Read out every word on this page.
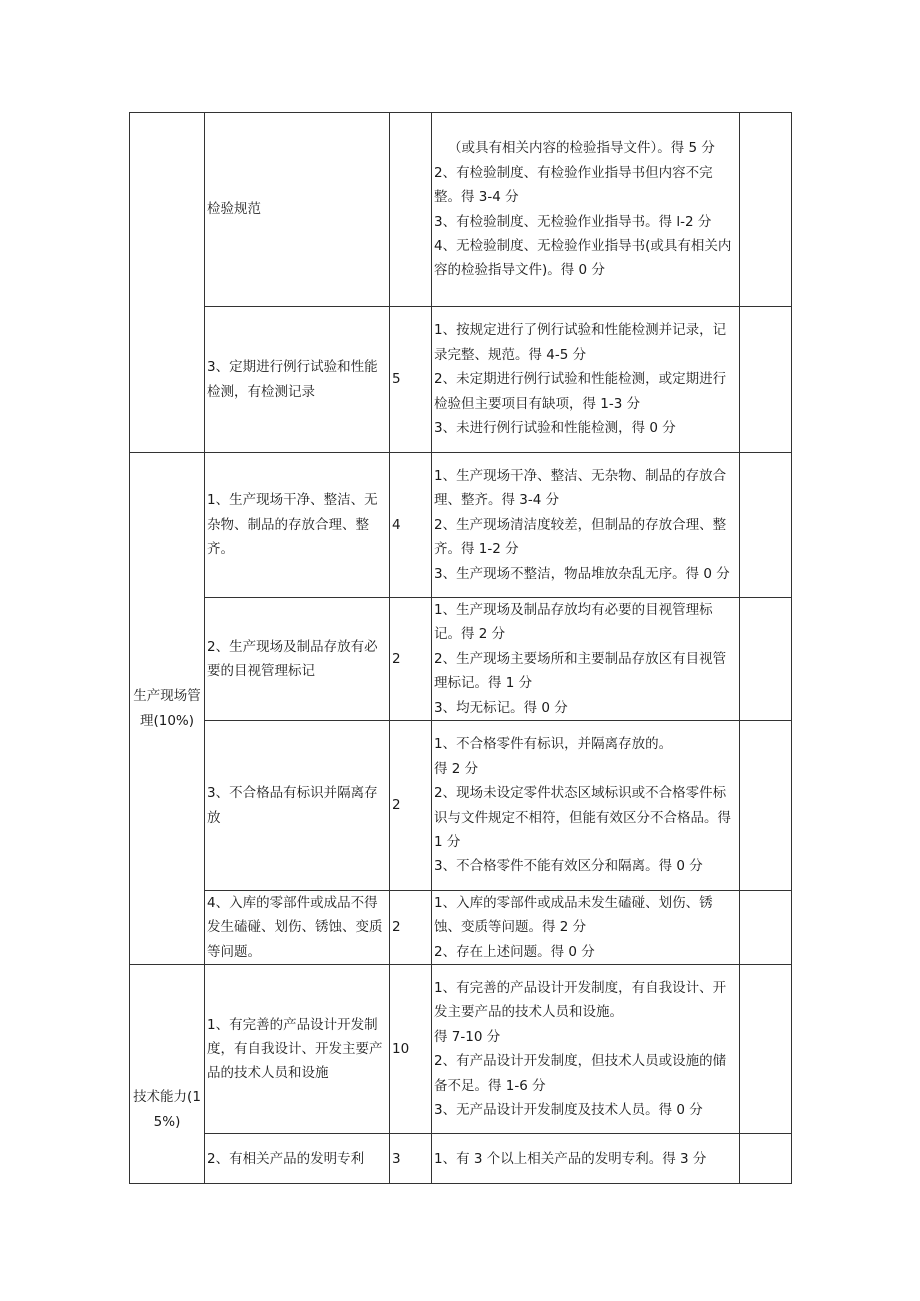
	检验规范		（或具有相关内容的检验指导文件）。得 5 分
2、有检验制度、有检验作业指导书但内容不完整。得 3-4 分
3、有检验制度、无检验作业指导书。得 l-2 分
4、无检验制度、无检验作业指导书(或具有相关内容的检验指导文件)。得 0 分	

	3、定期进行例行试验和性能检测，有检测记录	5	1、按规定进行了例行试验和性能检测并记录，记录完整、规范。得 4-5 分
2、未定期进行例行试验和性能检测，或定期进行检验但主要项目有缺项，得 1-3 分
3、未进行例行试验和性能检测，得 0 分	

生产现场管理(10%)	1、生产现场干净、整洁、无杂物、制品的存放合理、整齐。	4	1、生产现场干净、整洁、无杂物、制品的存放合理、整齐。得 3-4 分
2、生产现场清洁度较差，但制品的存放合理、整齐。得 1-2 分
3、生产现场不整洁，物品堆放杂乱无序。得 0 分	

	2、生产现场及制品存放有必要的目视管理标记	2	1、生产现场及制品存放均有必要的目视管理标记。得 2 分
2、生产现场主要场所和主要制品存放区有目视管理标记。得 1 分
3、均无标记。得 0 分	

	3、不合格品有标识并隔离存放	2	1、不合格零件有标识，并隔离存放的。
得 2 分
2、现场未设定零件状态区域标识或不合格零件标识与文件规定不相符，但能有效区分不合格品。得 1 分
3、不合格零件不能有效区分和隔离。得 0 分	

	4、入库的零部件或成品不得发生磕碰、划伤、锈蚀、变质等问题。	2	1、入库的零部件或成品未发生磕碰、划伤、锈蚀、变质等问题。得 2 分
2、存在上述问题。得 0 分	

技术能力(15%)	1、有完善的产品设计开发制度，有自我设计、开发主要产品的技术人员和设施	10	1、有完善的产品设计开发制度，有自我设计、开发主要产品的技术人员和设施。
得 7-10 分
2、有产品设计开发制度，但技术人员或设施的储备不足。得 1-6 分
3、无产品设计开发制度及技术人员。得 0 分	

	2、有相关产品的发明专利	3	1、有 3 个以上相关产品的发明专利。得 3 分	
